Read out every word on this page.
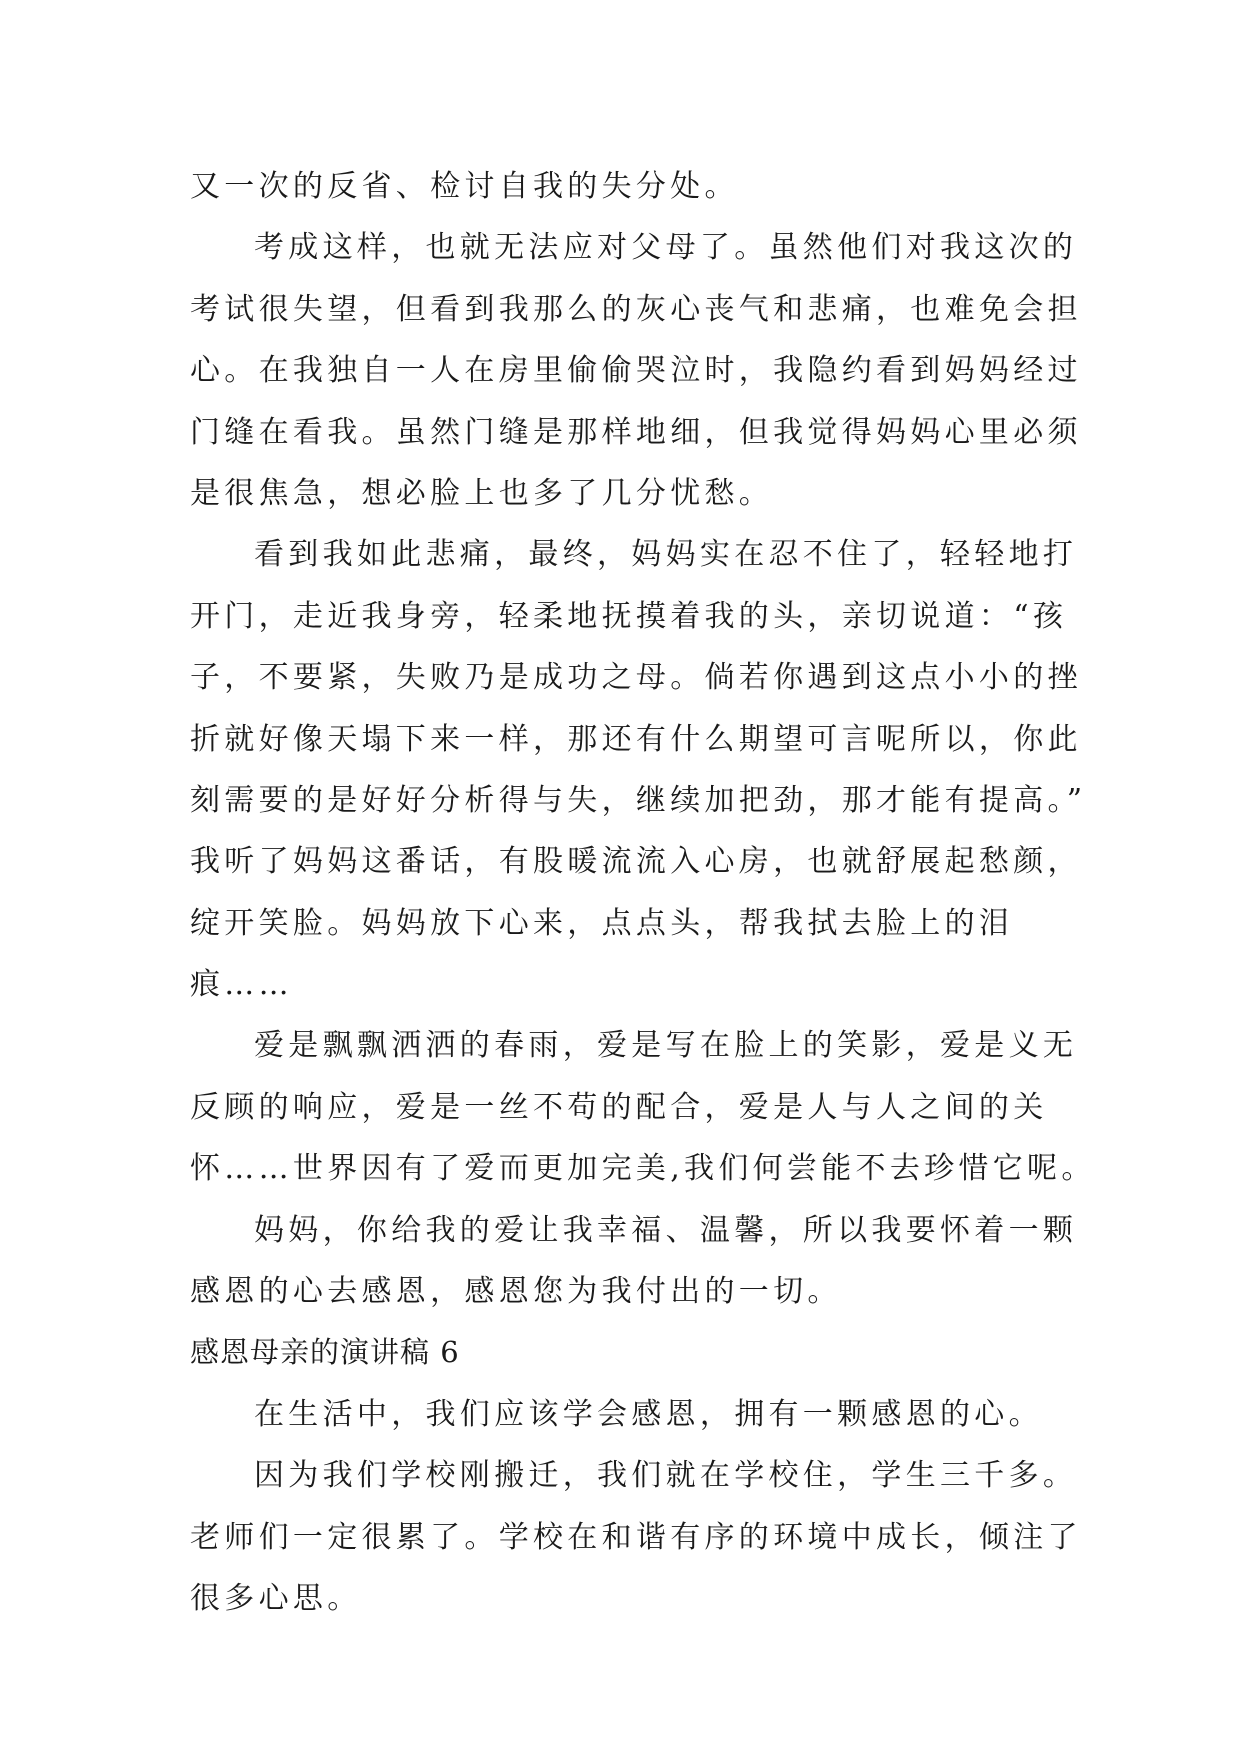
又一次的反省、检讨自我的失分处。
考成这样，也就无法应对父母了。虽然他们对我这次的
考试很失望，但看到我那么的灰心丧气和悲痛，也难免会担
心。在我独自一人在房里偷偷哭泣时，我隐约看到妈妈经过
门缝在看我。虽然门缝是那样地细，但我觉得妈妈心里必须
是很焦急，想必脸上也多了几分忧愁。
看到我如此悲痛，最终，妈妈实在忍不住了，轻轻地打
开门，走近我身旁，轻柔地抚摸着我的头，亲切说道：“孩
子，不要紧，失败乃是成功之母。倘若你遇到这点小小的挫
折就好像天塌下来一样，那还有什么期望可言呢所以，你此
刻需要的是好好分析得与失，继续加把劲，那才能有提高。”
我听了妈妈这番话，有股暖流流入心房，也就舒展起愁颜，
绽开笑脸。妈妈放下心来，点点头，帮我拭去脸上的泪
痕……
爱是飘飘洒洒的春雨，爱是写在脸上的笑影，爱是义无
反顾的响应，爱是一丝不苟的配合，爱是人与人之间的关
怀……世界因有了爱而更加完美,我们何尝能不去珍惜它呢。
妈妈，你给我的爱让我幸福、温馨，所以我要怀着一颗
感恩的心去感恩，感恩您为我付出的一切。
感恩母亲的演讲稿 6
在生活中，我们应该学会感恩，拥有一颗感恩的心。
因为我们学校刚搬迁，我们就在学校住，学生三千多。
老师们一定很累了。学校在和谐有序的环境中成长，倾注了
很多心思。
